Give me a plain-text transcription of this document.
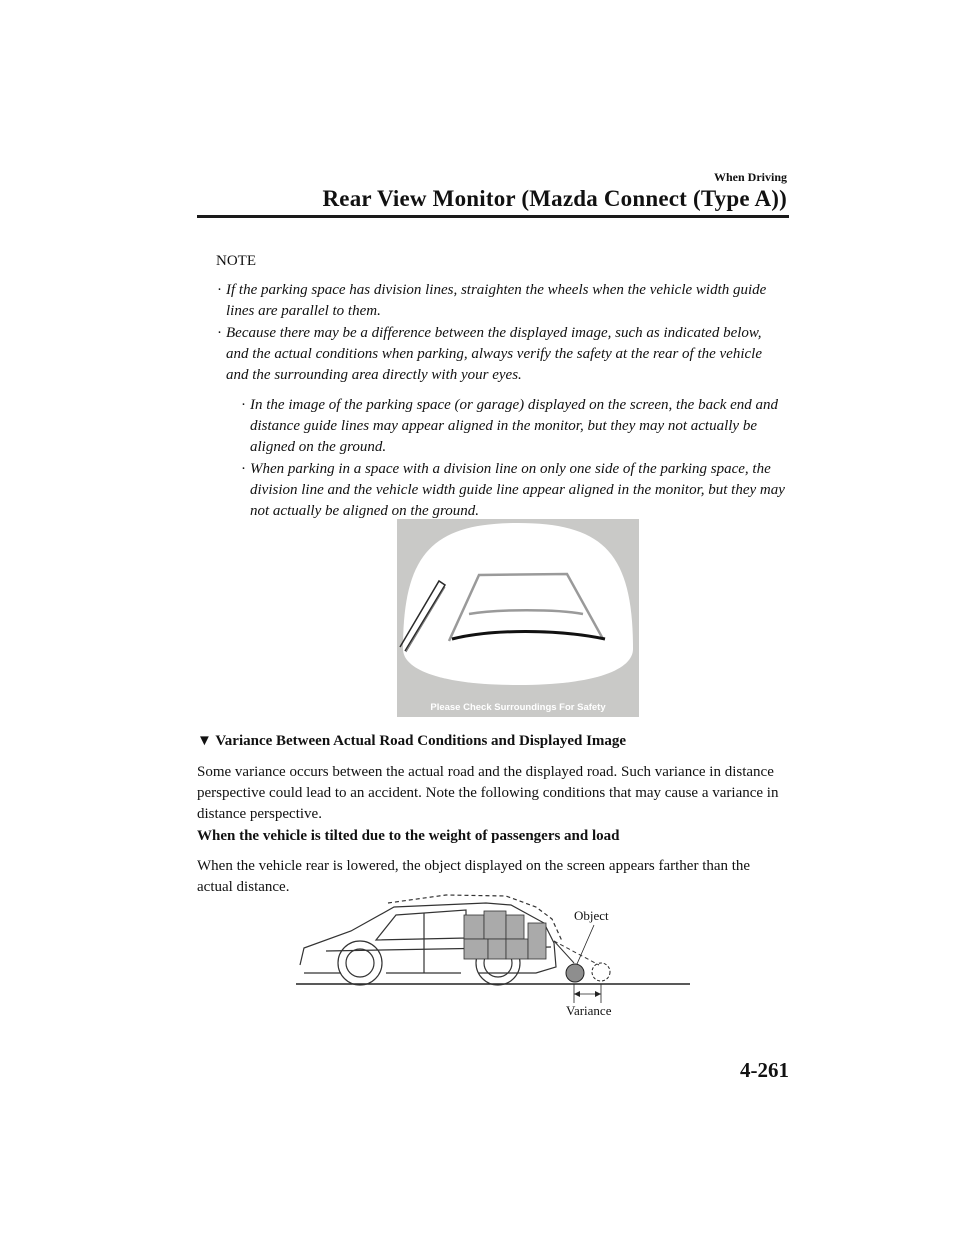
When Driving
Rear View Monitor (Mazda Connect (Type A))
NOTE
· If the parking space has division lines, straighten the wheels when the vehicle width guide lines are parallel to them.
· Because there may be a difference between the displayed image, such as indicated below, and the actual conditions when parking, always verify the safety at the rear of the vehicle and the surrounding area directly with your eyes.
· In the image of the parking space (or garage) displayed on the screen, the back end and distance guide lines may appear aligned in the monitor, but they may not actually be aligned on the ground.
· When parking in a space with a division line on only one side of the parking space, the division line and the vehicle width guide line appear aligned in the monitor, but they may not actually be aligned on the ground.
Please Check Surroundings For Safety
▼ Variance Between Actual Road Conditions and Displayed Image

Some variance occurs between the actual road and the displayed road. Such variance in distance perspective could lead to an accident. Note the following conditions that may cause a variance in distance perspective.

When the vehicle is tilted due to the weight of passengers and load

When the vehicle rear is lowered, the object displayed on the screen appears farther than the actual distance.

Object
Variance
4-261
